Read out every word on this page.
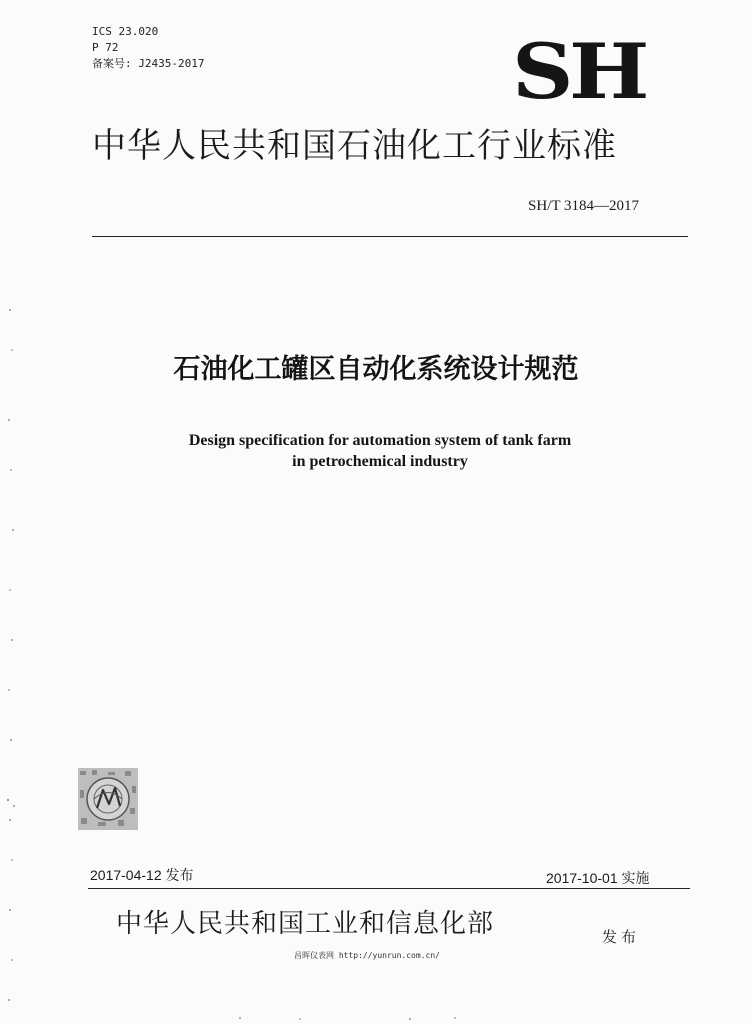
ICS 23.020
P 72
备案号: J2435-2017	SH
中华人民共和国石油化工行业标准
SH/T 3184—2017
石油化工罐区自动化系统设计规范
Design specification for automation system of tank farm
in petrochemical industry
2017-04-12 发布	2017-10-01 实施
中华人民共和国工业和信息化部	发布
昌晖仪表网 http://yunrun.com.cn/
